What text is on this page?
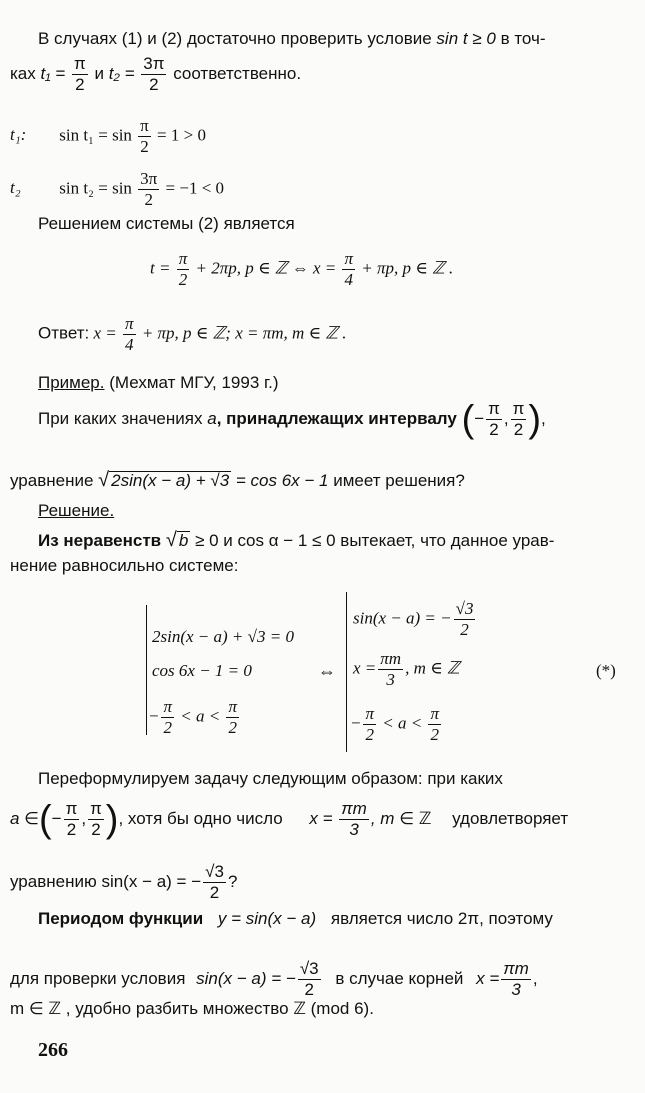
В случаях (1) и (2) достаточно проверить условие sin t ≥ 0 в точ-
ках $t_1 = \frac{\pi}{2}$ и $t_2 = \frac{3\pi}{2}$ соответственно.
t₁: $\sin t_1 = \sin \frac{\pi}{2} = 1 > 0$
t₂ $\sin t_2 = \sin \frac{3\pi}{2} = -1 < 0$
Решением системы (2) является
$t = \frac{\pi}{2} + 2\pi p$, p ∈ ℤ ⇔ $x = \frac{\pi}{4} + \pi p$, p ∈ ℤ .
Ответ: $x = \frac{\pi}{4} + \pi p$, p ∈ ℤ; x = πm, m ∈ ℤ .
Пример. (Мехмат МГУ, 1993 г.)
При каких значениях a, принадлежащих интервалу (− $\frac{\pi}{2}$ , $\frac{\pi}{2}$ ),
уравнение √ 2sin(x − a) + √3 = cos 6x − 1 имеет решения?
Решение.
Из неравенств √ b ≥ 0 и cos α − 1 ≤ 0 вытекает, что данное урав-
нение равносильно системе:
2sin(x − a) + √3 = 0
cos 6x − 1 = 0
− $\frac{\pi}{2} < a < \frac{\pi}{2}$
⇔
sin(x − a) = − $\frac{√3}{2}$
$x = \frac{\pi m}{3}$ , m ∈ ℤ
− $\frac{\pi}{2} < a < \frac{\pi}{2}$
(*)
Переформулируем задачу следующим образом: при каких
a ∈(− $\frac{\pi}{2}$ , $\frac{\pi}{2}$ ), хотя бы одно число $x = \frac{\pi m}{3}$ , m ∈ ℤ удовлетворяет
уравнению sin(x − a) = − $\frac{√3}{2}$ ?
Периодом функции y = sin(x − a) является число 2π, поэтому
для проверки условия sin(x − a) = − $\frac{√3}{2}$ в случае корней $x = \frac{\pi m}{3}$ ,
m ∈ ℤ , удобно разбить множество ℤ (mod 6).
266
